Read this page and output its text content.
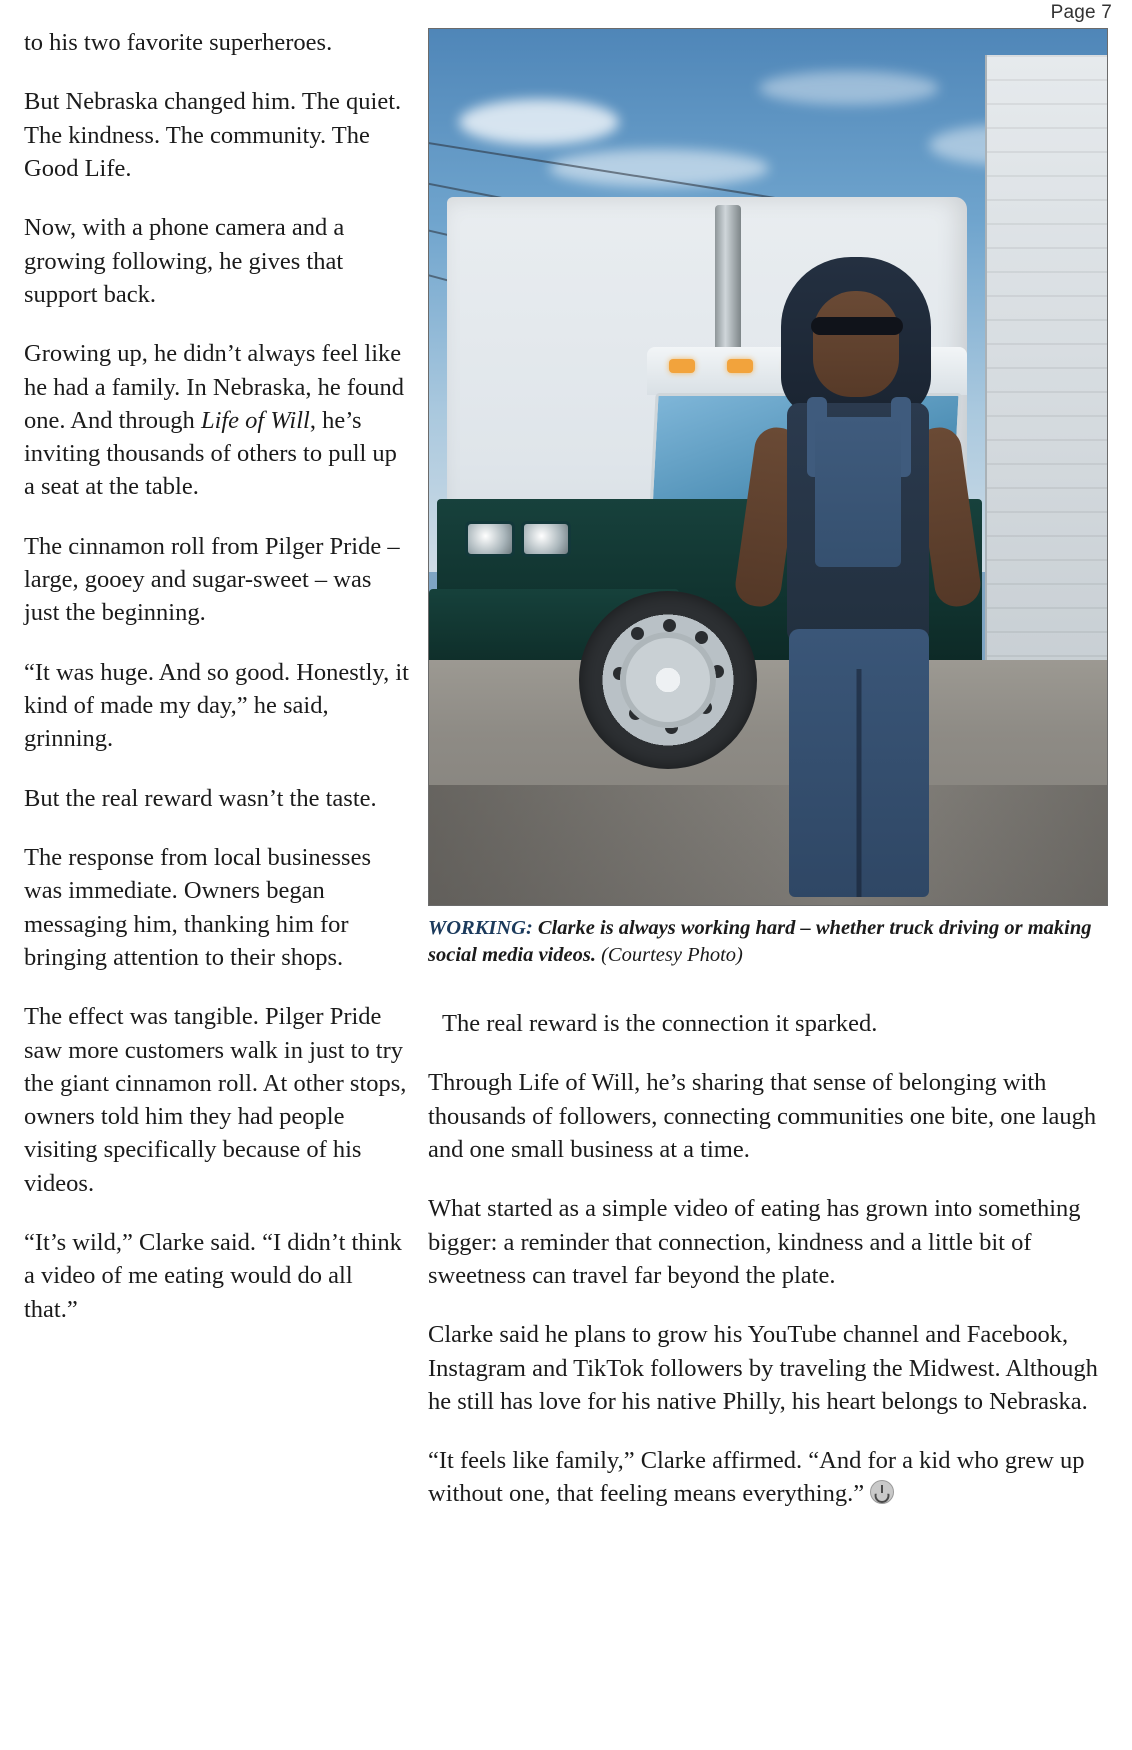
Page 7

to his two favorite superheroes.

But Nebraska changed him. The quiet. The kindness. The community. The Good Life.

Now, with a phone camera and a growing following, he gives that support back.

Growing up, he didn’t always feel like he had a family. In Nebraska, he found one. And through Life of Will, he’s inviting thousands of others to pull up a seat at the table.

The cinnamon roll from Pilger Pride – large, gooey and sugar-sweet – was just the beginning.

“It was huge. And so good. Honestly, it kind of made my day,” he said, grinning.

But the real reward wasn’t the taste.

The response from local businesses was immediate. Owners began messaging him, thanking him for bringing attention to their shops.

The effect was tangible. Pilger Pride saw more customers walk in just to try the giant cinnamon roll. At other stops, owners told him they had people visiting specifically because of his videos.

“It’s wild,” Clarke said. “I didn’t think a video of me eating would do all that.”

WORKING: Clarke is always working hard – whether truck driving or making social media videos. (Courtesy Photo)

The real reward is the connection it sparked.

Through Life of Will, he’s sharing that sense of belonging with thousands of followers, connecting communities one bite, one laugh and one small business at a time.

What started as a simple video of eating has grown into something bigger: a reminder that connection, kindness and a little bit of sweetness can travel far beyond the plate.

Clarke said he plans to grow his YouTube channel and Facebook, Instagram and TikTok followers by traveling the Midwest. Although he still has love for his native Philly, his heart belongs to Nebraska.

“It feels like family,” Clarke affirmed. “And for a kid who grew up without one, that feeling means everything.”
